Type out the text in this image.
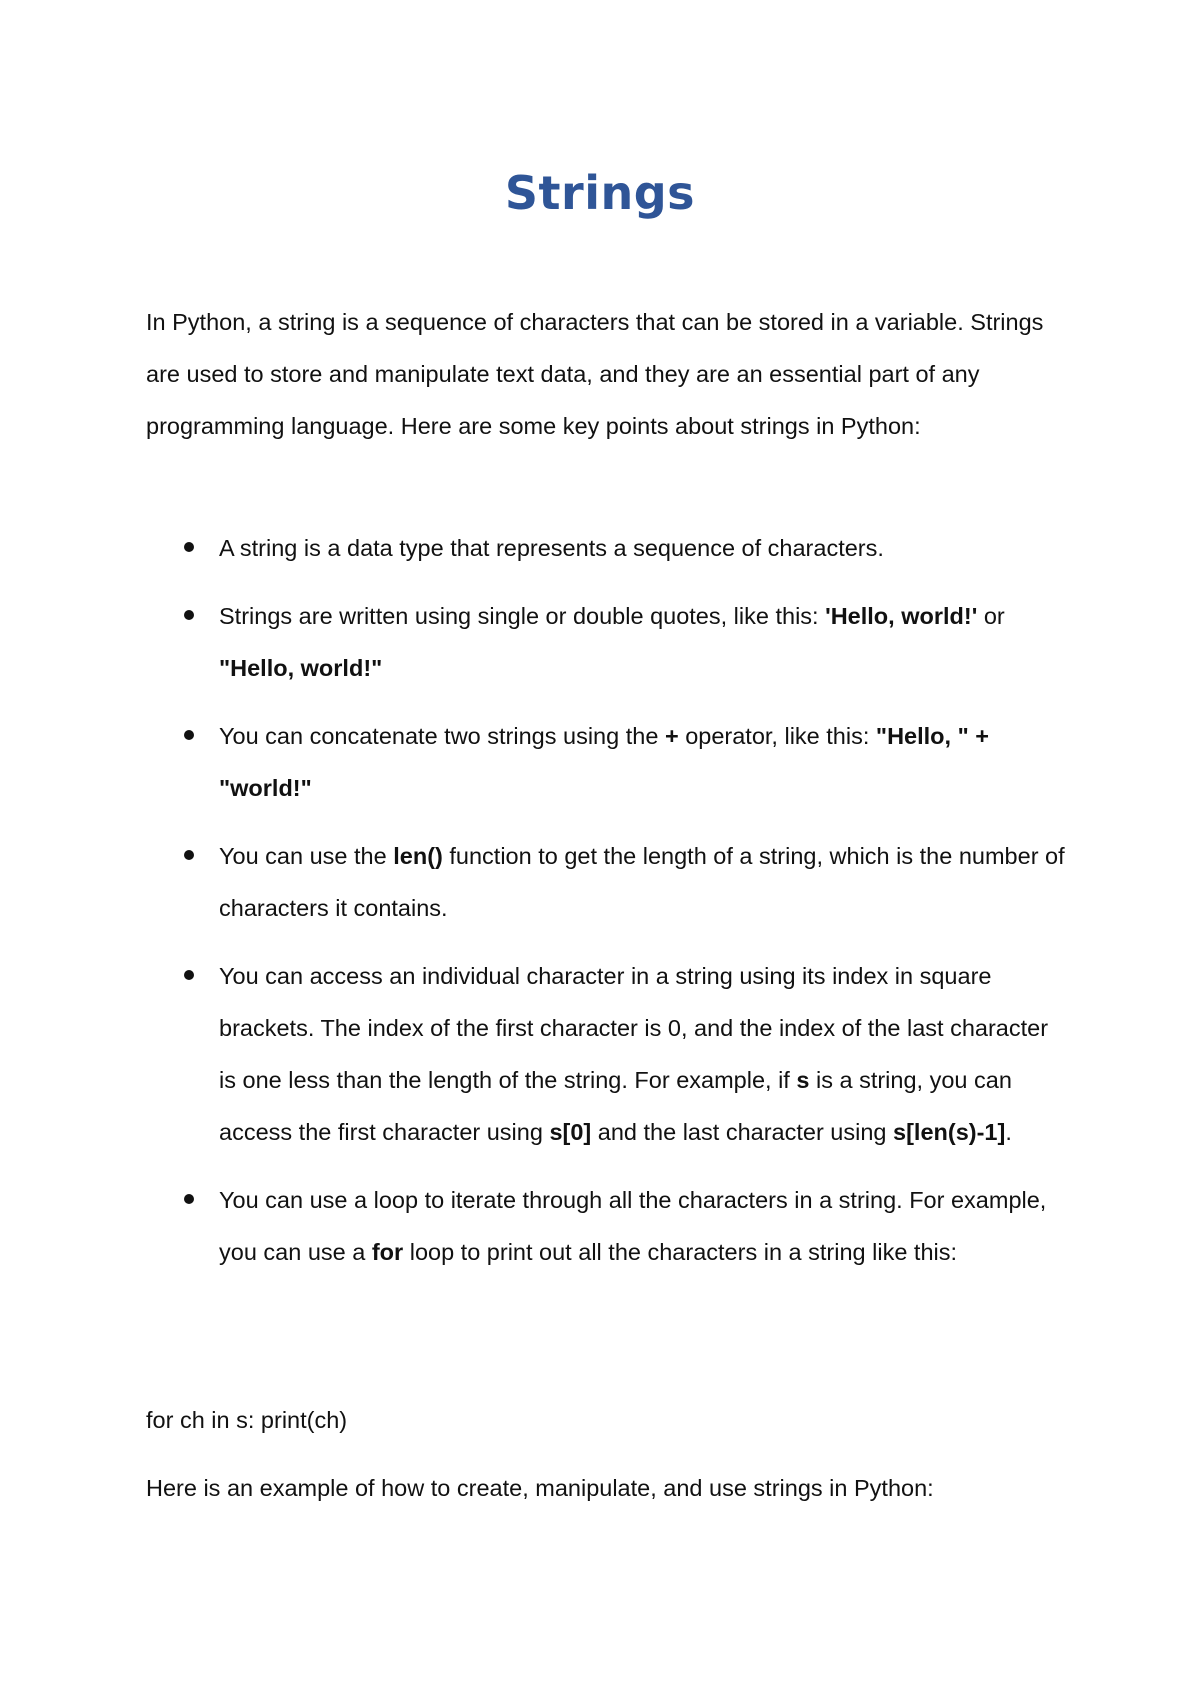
Strings

In Python, a string is a sequence of characters that can be stored in a variable. Strings are used to store and manipulate text data, and they are an essential part of any programming language. Here are some key points about strings in Python:

A string is a data type that represents a sequence of characters.
Strings are written using single or double quotes, like this: 'Hello, world!' or "Hello, world!"
You can concatenate two strings using the + operator, like this: "Hello, " + "world!"
You can use the len() function to get the length of a string, which is the number of characters it contains.
You can access an individual character in a string using its index in square brackets. The index of the first character is 0, and the index of the last character is one less than the length of the string. For example, if s is a string, you can access the first character using s[0] and the last character using s[len(s)-1].
You can use a loop to iterate through all the characters in a string. For example, you can use a for loop to print out all the characters in a string like this:

for ch in s: print(ch)

Here is an example of how to create, manipulate, and use strings in Python:
